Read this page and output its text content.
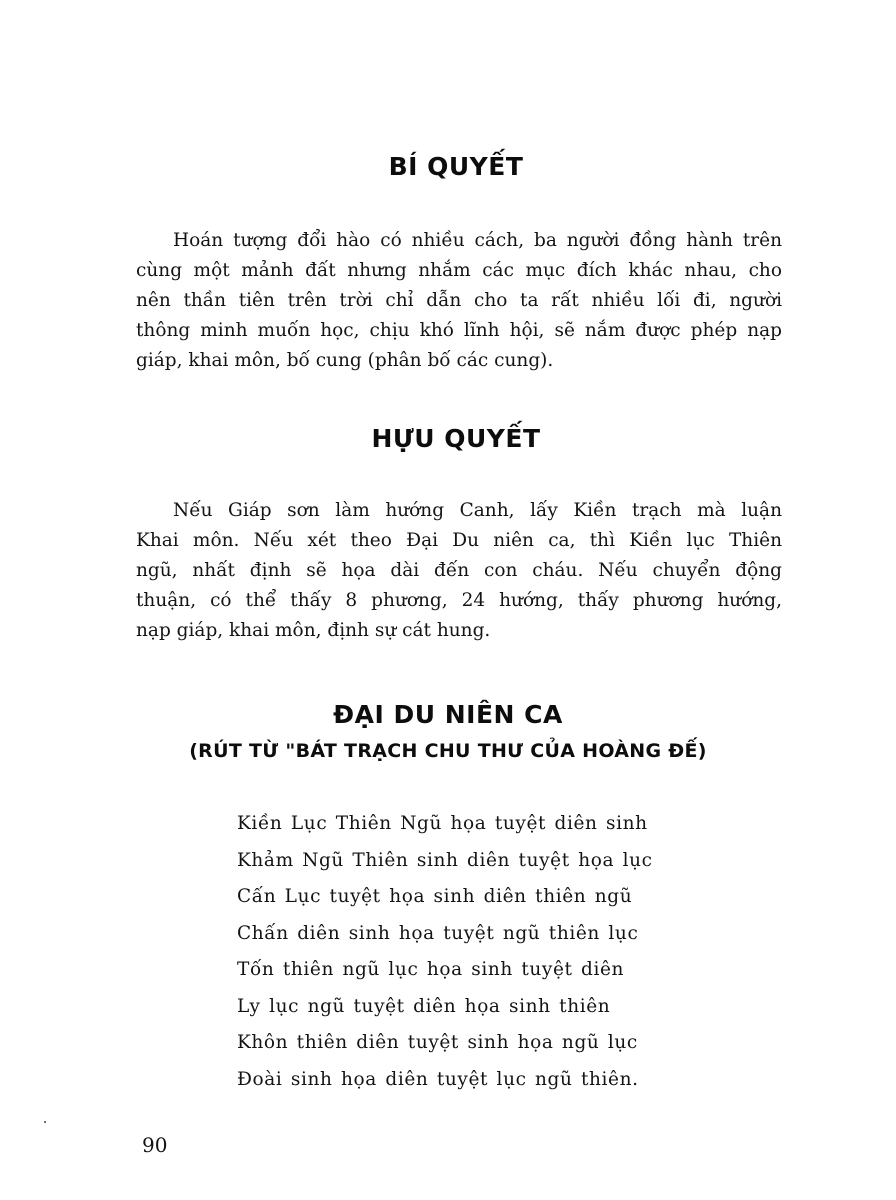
BÍ QUYẾT

Hoán tượng đổi hào có nhiều cách, ba người đồng hành trên
cùng một mảnh đất nhưng nhắm các mục đích khác nhau, cho
nên thần tiên trên trời chỉ dẫn cho ta rất nhiều lối đi, người
thông minh muốn học, chịu khó lĩnh hội, sẽ nắm được phép nạp
giáp, khai môn, bố cung (phân bố các cung).

HỰU QUYẾT

Nếu Giáp sơn làm hướng Canh, lấy Kiền trạch mà luận
Khai môn. Nếu xét theo Đại Du niên ca, thì Kiền lục Thiên
ngũ, nhất định sẽ họa dài đến con cháu. Nếu chuyển động
thuận, có thể thấy 8 phương, 24 hướng, thấy phương hướng,
nạp giáp, khai môn, định sự cát hung.

ĐẠI DU NIÊN CA
(RÚT TỪ "BÁT TRẠCH CHU THƯ CỦA HOÀNG ĐẾ)
Kiền Lục Thiên Ngũ họa tuyệt diên sinh
Khảm Ngũ Thiên sinh diên tuyệt họa lục
Cấn Lục tuyệt họa sinh diên thiên ngũ
Chấn diên sinh họa tuyệt ngũ thiên lục
Tốn thiên ngũ lục họa sinh tuyệt diên
Ly lục ngũ tuyệt diên họa sinh thiên
Khôn thiên diên tuyệt sinh họa ngũ lục
Đoài sinh họa diên tuyệt lục ngũ thiên.
90
